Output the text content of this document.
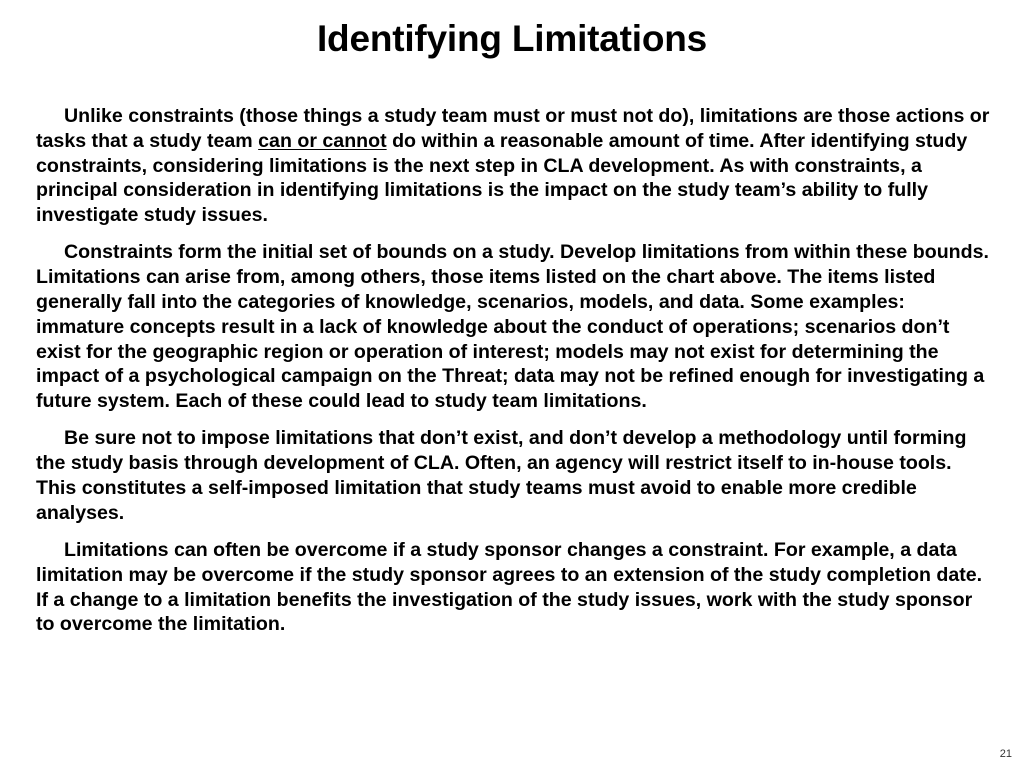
Identifying Limitations

Unlike constraints (those things a study team must or must not do), limitations are those actions or tasks that a study team can or cannot do within a reasonable amount of time. After identifying study constraints, considering limitations is the next step in CLA development. As with constraints, a principal consideration in identifying limitations is the impact on the study team’s ability to fully investigate study issues.

Constraints form the initial set of bounds on a study. Develop limitations from within these bounds. Limitations can arise from, among others, those items listed on the chart above. The items listed generally fall into the categories of knowledge, scenarios, models, and data. Some examples: immature concepts result in a lack of knowledge about the conduct of operations; scenarios don’t exist for the geographic region or operation of interest; models may not exist for determining the impact of a psychological campaign on the Threat; data may not be refined enough for investigating a future system. Each of these could lead to study team limitations.

Be sure not to impose limitations that don’t exist, and don’t develop a methodology until forming the study basis through development of CLA. Often, an agency will restrict itself to in-house tools. This constitutes a self-imposed limitation that study teams must avoid to enable more credible analyses.

Limitations can often be overcome if a study sponsor changes a constraint. For example, a data limitation may be overcome if the study sponsor agrees to an extension of the study completion date. If a change to a limitation benefits the investigation of the study issues, work with the study sponsor to overcome the limitation.

21
